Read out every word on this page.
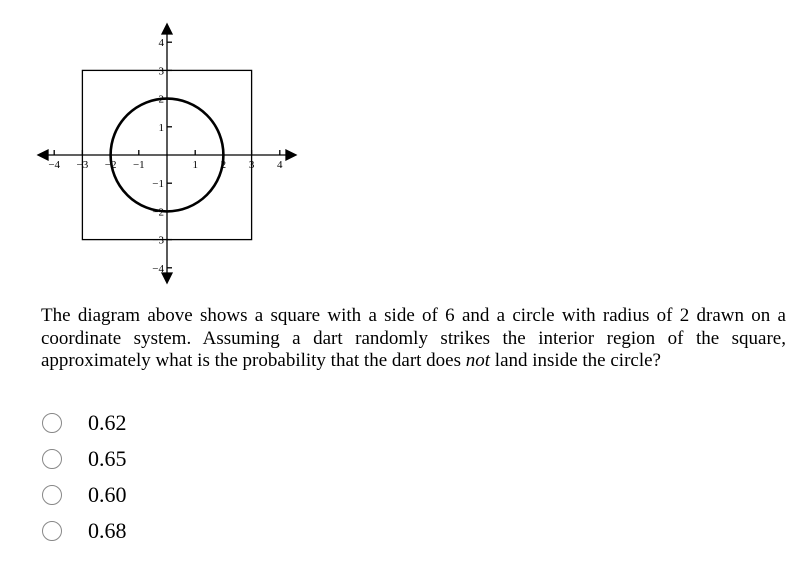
−4 −3 −2 −1	1 2 3 4
4
3
2
1
−1
−2
−3
−4
The diagram above shows a square with a side of 6 and a circle with radius of 2 drawn on a coordinate system. Assuming a dart randomly strikes the interior region of the square, approximately what is the probability that the dart does not land inside the circle?
0.62
0.65
0.60
0.68
